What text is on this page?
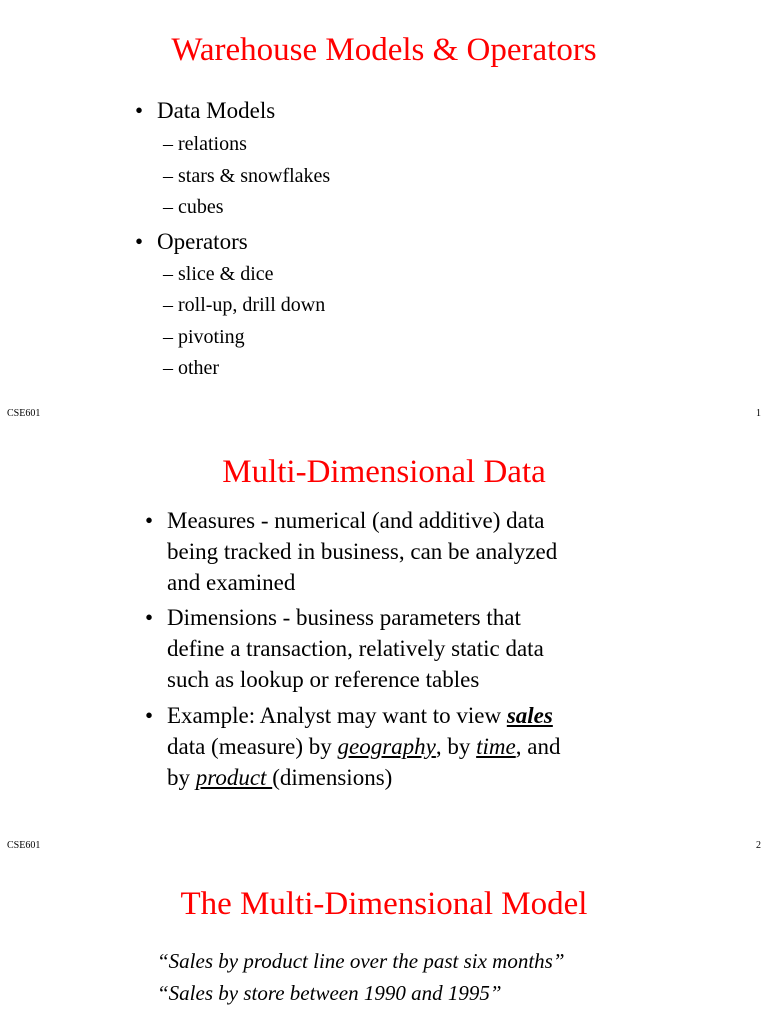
Warehouse Models & Operators
• Data Models
– relations
– stars & snowflakes
– cubes
• Operators
– slice & dice
– roll-up, drill down
– pivoting
– other
CSE601	1
Multi-Dimensional Data
• Measures - numerical (and additive) data
being tracked in business, can be analyzed
and examined
• Dimensions - business parameters that
define a transaction, relatively static data
such as lookup or reference tables
• Example: Analyst may want to view sales
data (measure) by geography, by time, and
by product (dimensions)
CSE601	2
The Multi-Dimensional Model
“Sales by product line over the past six months”
“Sales by store between 1990 and 1995”
